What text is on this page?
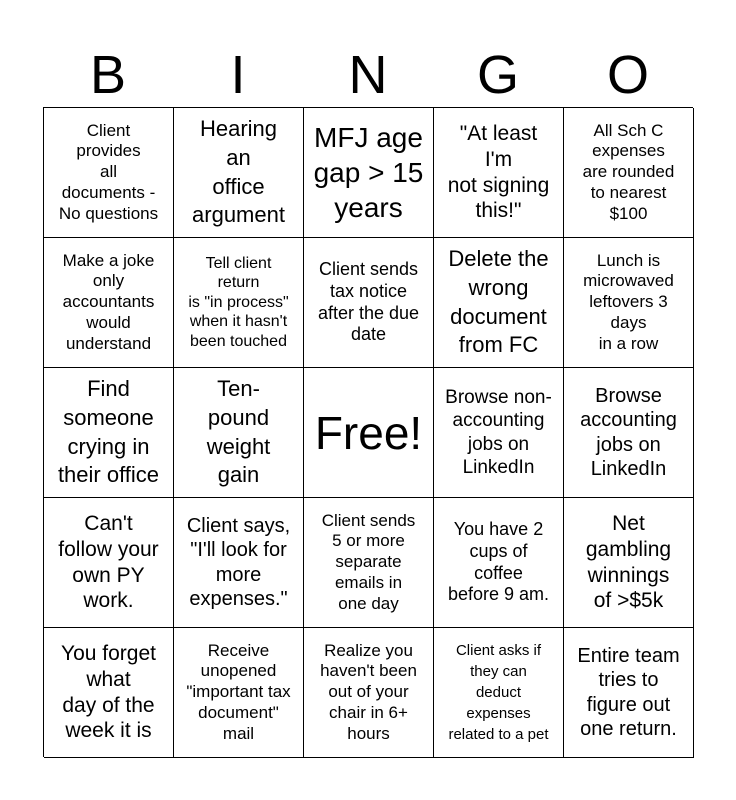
B	I	N	G	O
Client
provides
all
documents -
No questions
Hearing
an
office
argument
MFJ age
gap > 15
years
"At least
I'm
not signing
this!"
All Sch C
expenses
are rounded
to nearest
$100
Make a joke
only
accountants
would
understand
Tell client
return
is "in process"
when it hasn't
been touched
Client sends
tax notice
after the due
date
Delete the
wrong
document
from FC
Lunch is
microwaved
leftovers 3
days
in a row
Find
someone
crying in
their office
Ten-
pound
weight
gain
Free!
Browse non-
accounting
jobs on
LinkedIn
Browse
accounting
jobs on
LinkedIn
Can't
follow your
own PY
work.
Client says,
"I'll look for
more
expenses."
Client sends
5 or more
separate
emails in
one day
You have 2
cups of
coffee
before 9 am.
Net
gambling
winnings
of >$5k
You forget
what
day of the
week it is
Receive
unopened
"important tax
document"
mail
Realize you
haven't been
out of your
chair in 6+
hours
Client asks if
they can
deduct
expenses
related to a pet
Entire team
tries to
figure out
one return.
